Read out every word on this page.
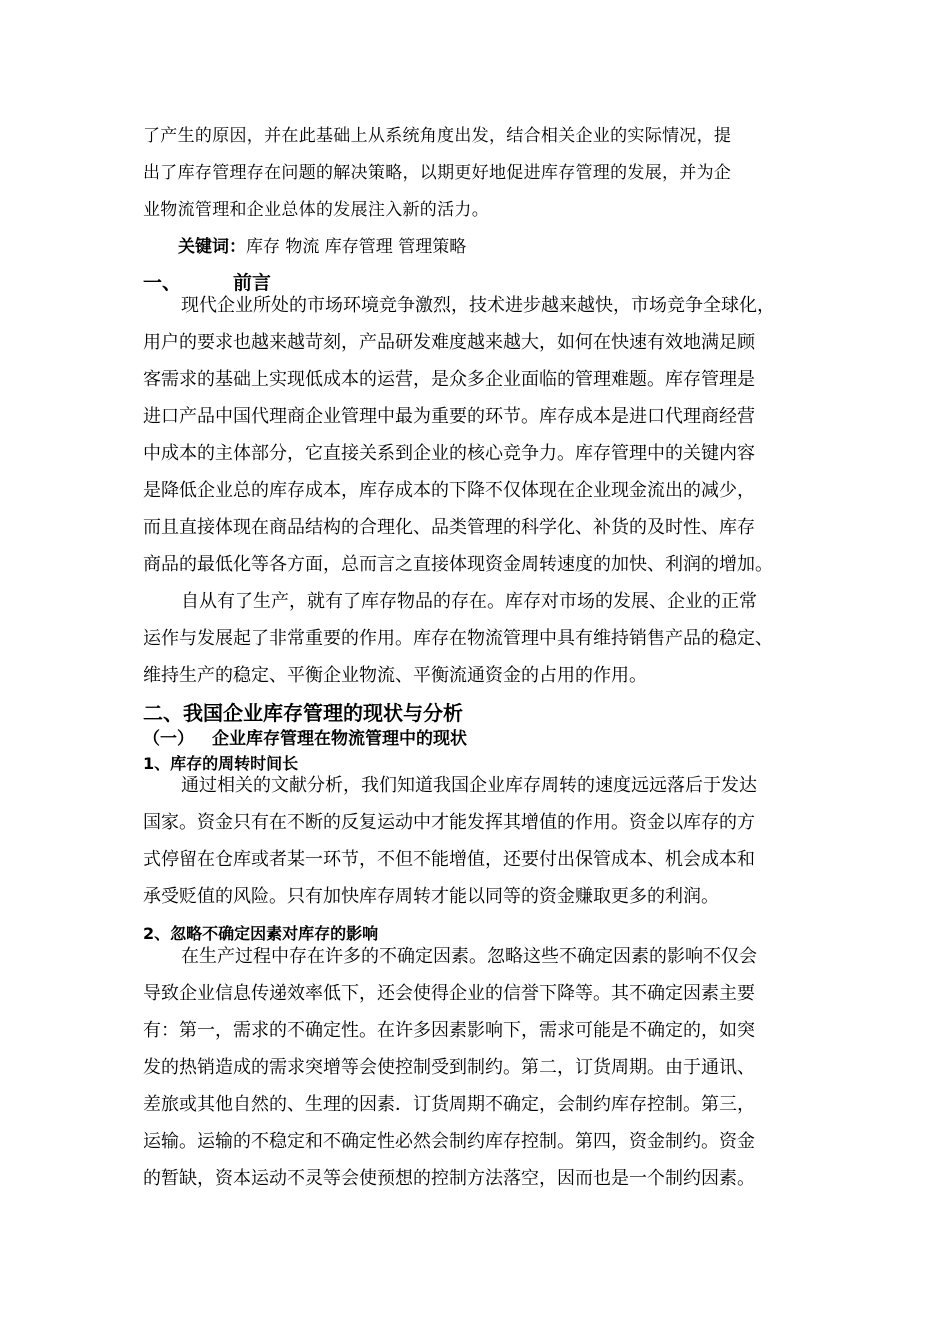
了产生的原因，并在此基础上从系统角度出发，结合相关企业的实际情况，提

出了库存管理存在问题的解决策略，以期更好地促进库存管理的发展，并为企

业物流管理和企业总体的发展注入新的活力。

关键词：库存 物流 库存管理 管理策略

一、	前言

现代企业所处的市场环境竞争激烈，技术进步越来越快，市场竞争全球化，

用户的要求也越来越苛刻，产品研发难度越来越大，如何在快速有效地满足顾

客需求的基础上实现低成本的运营，是众多企业面临的管理难题。库存管理是

进口产品中国代理商企业管理中最为重要的环节。库存成本是进口代理商经营

中成本的主体部分，它直接关系到企业的核心竞争力。库存管理中的关键内容

是降低企业总的库存成本，库存成本的下降不仅体现在企业现金流出的减少，

而且直接体现在商品结构的合理化、品类管理的科学化、补货的及时性、库存

商品的最低化等各方面，总而言之直接体现资金周转速度的加快、利润的增加。

自从有了生产，就有了库存物品的存在。库存对市场的发展、企业的正常

运作与发展起了非常重要的作用。库存在物流管理中具有维持销售产品的稳定、

维持生产的稳定、平衡企业物流、平衡流通资金的占用的作用。

二、我国企业库存管理的现状与分析

（一） 企业库存管理在物流管理中的现状

1、库存的周转时间长

通过相关的文献分析，我们知道我国企业库存周转的速度远远落后于发达

国家。资金只有在不断的反复运动中才能发挥其增值的作用。资金以库存的方

式停留在仓库或者某一环节，不但不能增值，还要付出保管成本、机会成本和

承受贬值的风险。只有加快库存周转才能以同等的资金赚取更多的利润。

2、忽略不确定因素对库存的影响

在生产过程中存在许多的不确定因素。忽略这些不确定因素的影响不仅会

导致企业信息传递效率低下，还会使得企业的信誉下降等。其不确定因素主要

有：第一，需求的不确定性。在许多因素影响下，需求可能是不确定的，如突

发的热销造成的需求突增等会使控制受到制约。第二，订货周期。由于通讯、

差旅或其他自然的、生理的因素．订货周期不确定，会制约库存控制。第三，

运输。运输的不稳定和不确定性必然会制约库存控制。第四，资金制约。资金

的暂缺，资本运动不灵等会使预想的控制方法落空，因而也是一个制约因素。
